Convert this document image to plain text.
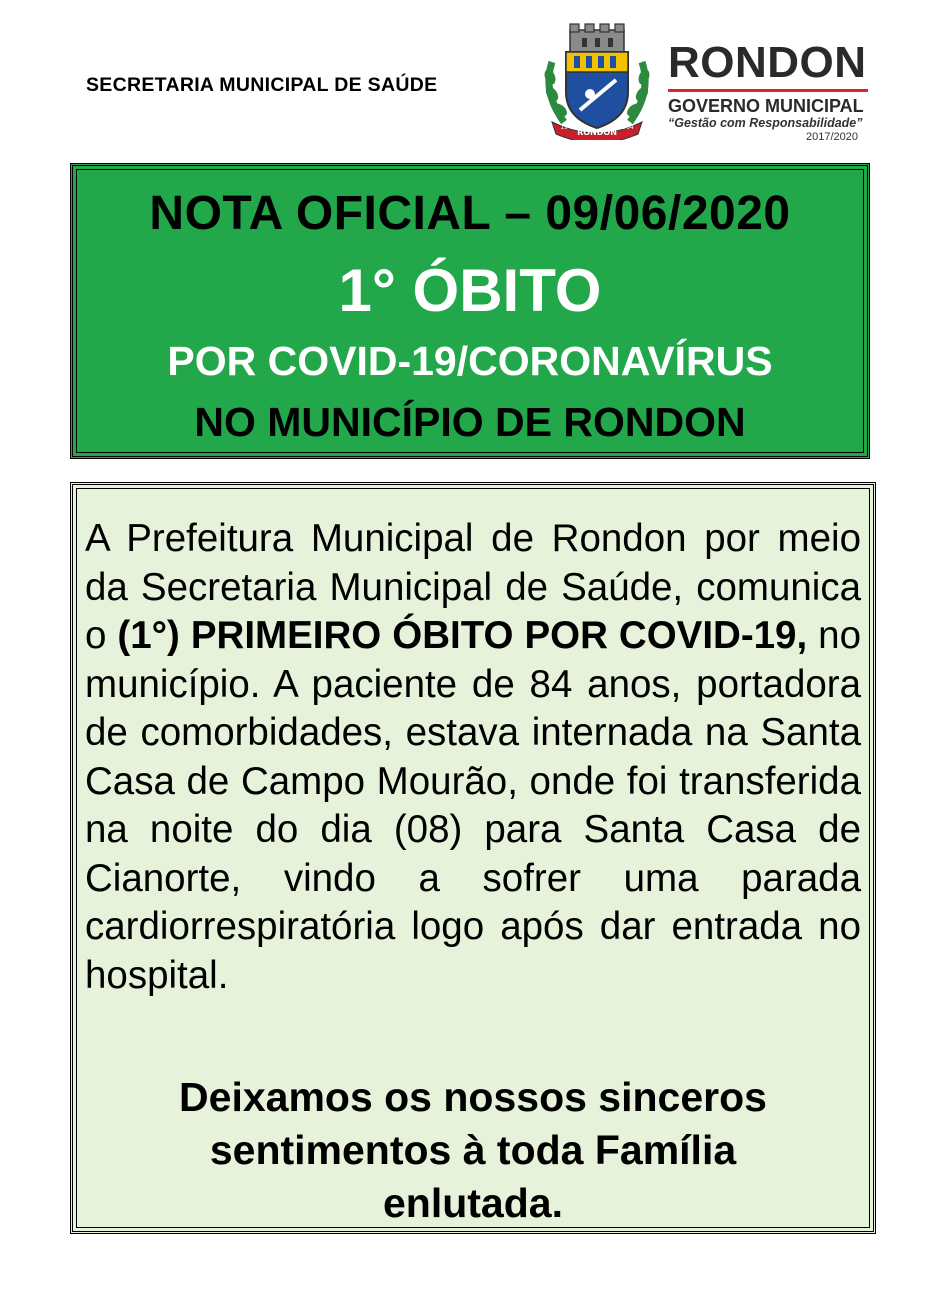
SECRETARIA MUNICIPAL DE SAÚDE
RONDON
1940	1964
RONDON
GOVERNO MUNICIPAL
“Gestão com Responsabilidade”
2017/2020
NOTA OFICIAL – 09/06/2020
1° ÓBITO
POR COVID-19/CORONAVÍRUS
NO MUNICÍPIO DE RONDON
A Prefeitura Municipal de Rondon por meio da Secretaria Municipal de Saúde, comunica o (1°) PRIMEIRO ÓBITO POR COVID-19, no município. A paciente de 84 anos, portadora de comorbidades, estava internada na Santa Casa de Campo Mourão, onde foi transferida na noite do dia (08) para Santa Casa de Cianorte, vindo a sofrer uma parada cardiorrespiratória logo após dar entrada no hospital.
Deixamos os nossos sinceros
sentimentos à toda Família
enlutada.
